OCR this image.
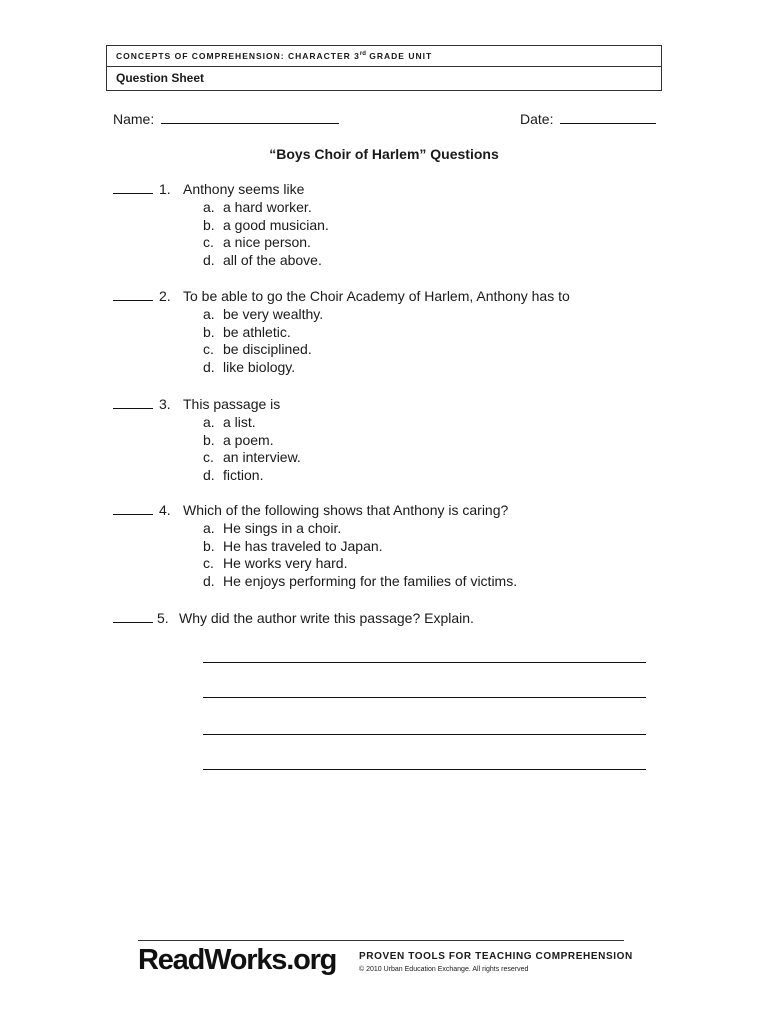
CONCEPTS OF COMPREHENSION: CHARACTER 3rd GRADE UNIT
Question Sheet
Name:	Date:
“Boys Choir of Harlem” Questions
1. Anthony seems like
a. a hard worker.
b. a good musician.
c. a nice person.
d. all of the above.
2. To be able to go the Choir Academy of Harlem, Anthony has to
a. be very wealthy.
b. be athletic.
c. be disciplined.
d. like biology.
3. This passage is
a. a list.
b. a poem.
c. an interview.
d. fiction.
4. Which of the following shows that Anthony is caring?
a. He sings in a choir.
b. He has traveled to Japan.
c. He works very hard.
d. He enjoys performing for the families of victims.
5. Why did the author write this passage? Explain.
ReadWorks.org PROVEN TOOLS FOR TEACHING COMPREHENSION
© 2010 Urban Education Exchange. All rights reserved
